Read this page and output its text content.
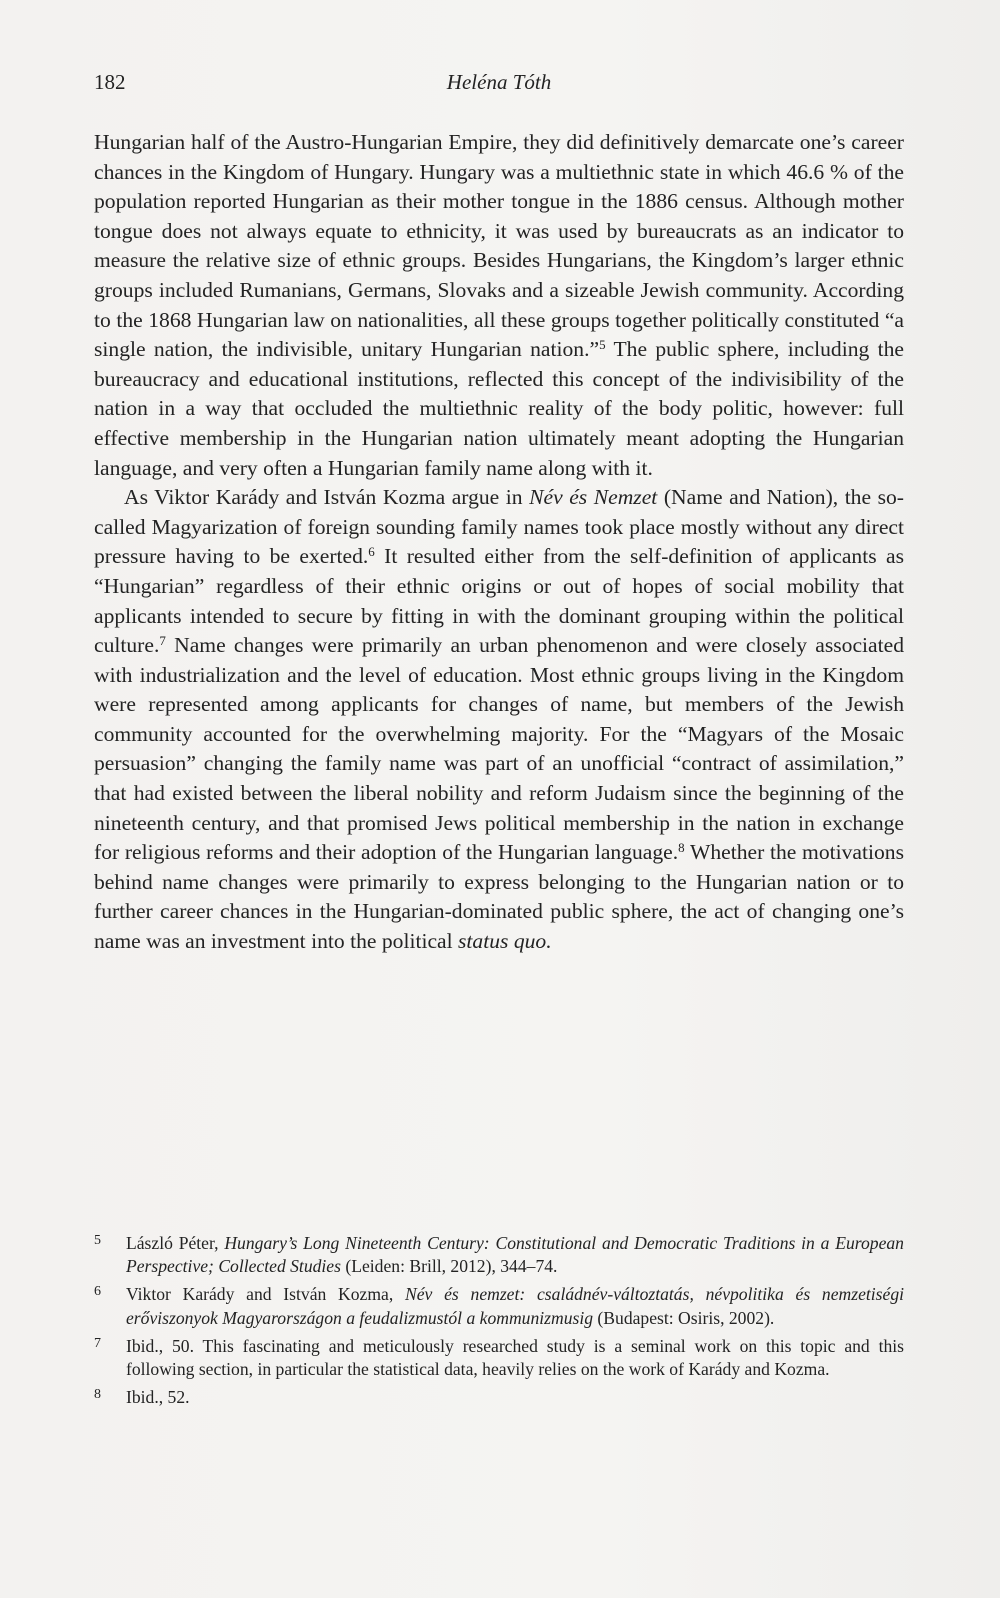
182	Heléna Tóth

Hungarian half of the Austro-Hungarian Empire, they did definitively demarcate one’s career chances in the Kingdom of Hungary. Hungary was a multiethnic state in which 46.6 % of the population reported Hungarian as their mother tongue in the 1886 census. Although mother tongue does not always equate to ethnicity, it was used by bureaucrats as an indicator to measure the relative size of ethnic groups. Besides Hungarians, the Kingdom’s larger ethnic groups included Rumanians, Germans, Slovaks and a sizeable Jewish community. According to the 1868 Hungarian law on nationalities, all these groups together politically constituted “a single nation, the indivisible, unitary Hungarian nation.”$^5$ The public sphere, including the bureaucracy and educational institutions, reflected this concept of the indivisibility of the nation in a way that occluded the multiethnic reality of the body politic, however: full effective membership in the Hungarian nation ultimately meant adopting the Hungarian language, and very often a Hungarian family name along with it.

As Viktor Karády and István Kozma argue in Név és Nemzet (Name and Nation), the so-called Magyarization of foreign sounding family names took place mostly without any direct pressure having to be exerted.$^6$ It resulted either from the self-definition of applicants as “Hungarian” regardless of their ethnic origins or out of hopes of social mobility that applicants intended to secure by fitting in with the dominant grouping within the political culture.$^7$ Name changes were primarily an urban phenomenon and were closely associated with industrialization and the level of education. Most ethnic groups living in the Kingdom were represented among applicants for changes of name, but members of the Jewish community accounted for the overwhelming majority. For the “Magyars of the Mosaic persuasion” changing the family name was part of an unofficial “contract of assimilation,” that had existed between the liberal nobility and reform Judaism since the beginning of the nineteenth century, and that promised Jews political membership in the nation in exchange for religious reforms and their adoption of the Hungarian language.$^8$ Whether the motivations behind name changes were primarily to express belonging to the Hungarian nation or to further career chances in the Hungarian-dominated public sphere, the act of changing one’s name was an investment into the political status quo.

5 László Péter, Hungary’s Long Nineteenth Century: Constitutional and Democratic Traditions in a European Perspective; Collected Studies (Leiden: Brill, 2012), 344–74.
6 Viktor Karády and István Kozma, Név és nemzet: családnév-változtatás, névpolitika és nemzetiségi erőviszonyok Magyarországon a feudalizmustól a kommunizmusig (Budapest: Osiris, 2002).
7 Ibid., 50. This fascinating and meticulously researched study is a seminal work on this topic and this following section, in particular the statistical data, heavily relies on the work of Karády and Kozma.
8 Ibid., 52.
